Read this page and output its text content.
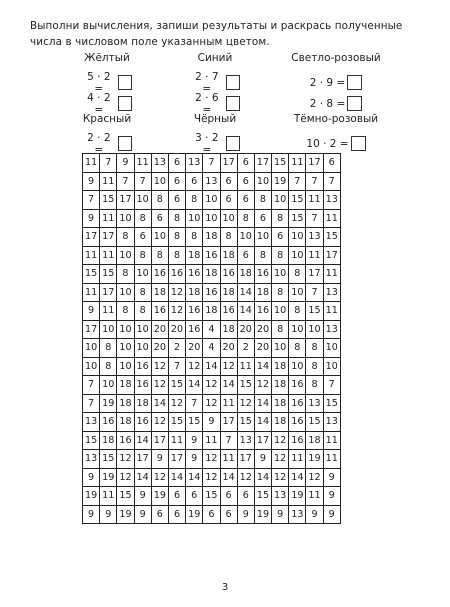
Выполни вычисления, запиши результаты и раскрась полученные числа в числовом поле указанным цветом.
Жёлтый
5 · 2 =
4 · 2 =
Синий
2 · 7 =
2 · 6 =
Светло-розовый
2 · 9 =
2 · 8 =
Красный
2 · 2 =
Чёрный
3 · 2 =
Тёмно-розовый
10 · 2 =
11	7	9	11	13	6	13	7	17	6	17	15	11	17	6
9	11	7	7	10	6	6	13	6	6	10	19	7	7	7
7	15	17	10	8	6	8	10	6	6	8	10	15	11	13
9	11	10	8	6	8	10	10	10	8	6	8	15	7	11
17	17	8	6	10	8	8	18	8	10	10	6	10	13	15
11	11	10	8	8	8	18	16	18	6	8	8	10	11	17
15	15	8	10	16	16	16	18	16	18	16	10	8	17	11
11	17	10	8	18	12	18	16	18	14	18	8	10	7	13
9	11	8	8	16	12	16	18	16	14	16	10	8	15	11
17	10	10	10	20	20	16	4	18	20	20	8	10	10	13
10	8	10	10	20	2	20	4	20	2	20	10	8	8	10
10	8	10	16	12	7	12	14	12	11	14	18	10	8	10
7	10	18	16	12	15	14	12	14	15	12	18	16	8	7
7	19	18	18	14	12	7	12	11	12	14	18	16	13	15
13	16	18	16	12	15	15	9	17	15	14	18	16	15	13
15	18	16	14	17	11	9	11	7	13	17	12	16	18	11
13	15	12	17	9	17	9	12	11	17	9	12	11	19	11
9	19	12	14	12	14	14	12	14	12	14	12	14	12	9
19	11	15	9	19	6	6	15	6	6	15	13	19	11	9
9	9	19	9	6	6	19	6	6	9	19	9	13	9	9
3
